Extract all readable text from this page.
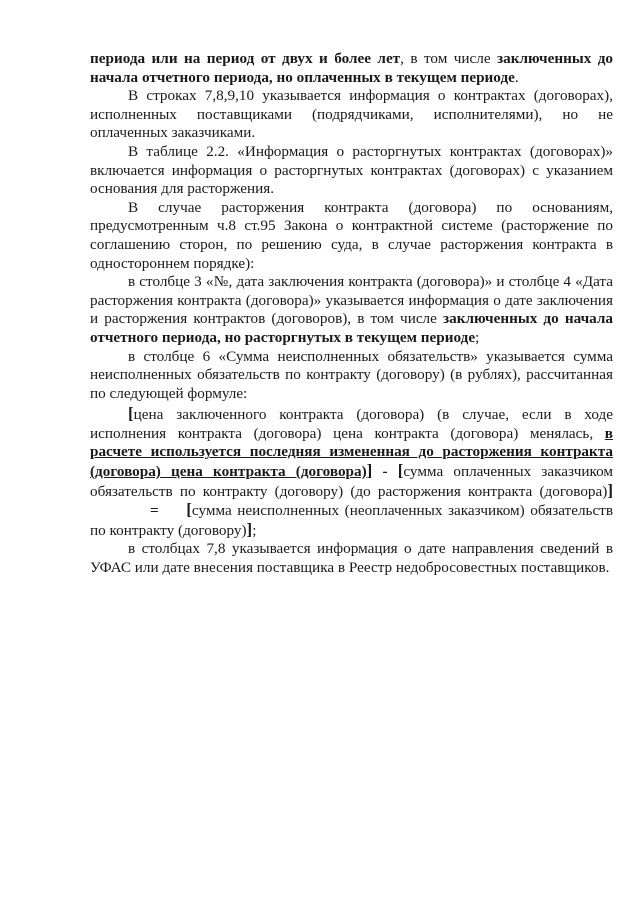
периода или на период от двух и более лет, в том числе заключенных до начала отчетного периода, но оплаченных в текущем периоде.

В строках 7,8,9,10 указывается информация о контрактах (договорах), исполненных поставщиками (подрядчиками, исполнителями), но не оплаченных заказчиками.

В таблице 2.2. «Информация о расторгнутых контрактах (договорах)» включается информация о расторгнутых контрактах (договорах) с указанием основания для расторжения.

В случае расторжения контракта (договора) по основаниям, предусмотренным ч.8 ст.95 Закона о контрактной системе (расторжение по соглашению сторон, по решению суда, в случае расторжения контракта в одностороннем порядке):

в столбце 3 «№, дата заключения контракта (договора)» и столбце 4 «Дата расторжения контракта (договора)» указывается информация о дате заключения и расторжения контрактов (договоров), в том числе заключенных до начала отчетного периода, но расторгнутых в текущем периоде;

в столбце 6 «Сумма неисполненных обязательств» указывается сумма неисполненных обязательств по контракту (договору) (в рублях), рассчитанная по следующей формуле:

[цена заключенного контракта (договора) (в случае, если в ходе исполнения контракта (договора) цена контракта (договора) менялась, в расчете используется последняя измененная до расторжения контракта (договора) цена контракта (договора)] - [сумма оплаченных заказчиком обязательств по контракту (договору) (до расторжения контракта (договора)] = [сумма неисполненных (неоплаченных заказчиком) обязательств по контракту (договору)];

в столбцах 7,8 указывается информация о дате направления сведений в УФАС или дате внесения поставщика в Реестр недобросовестных поставщиков.
